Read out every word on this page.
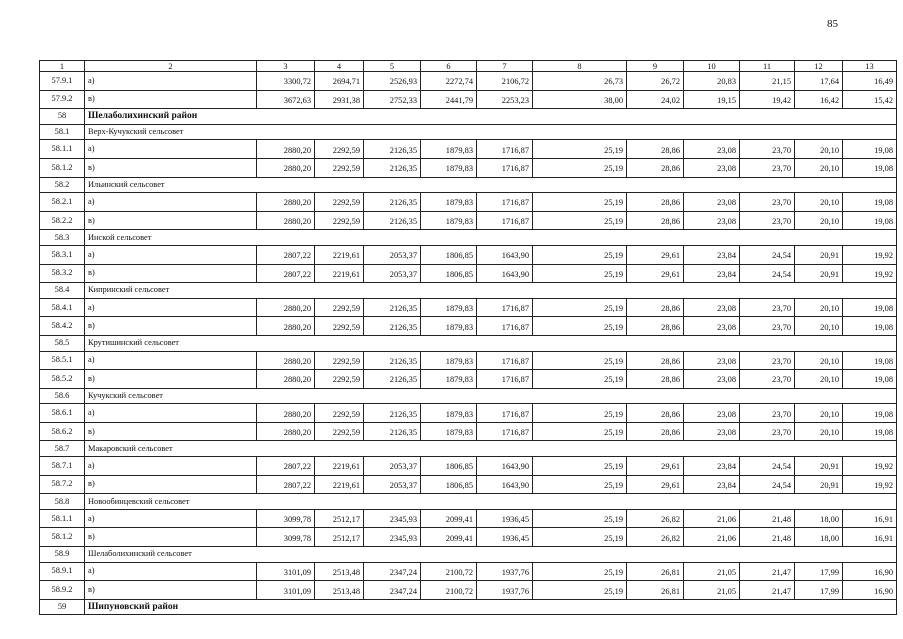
85
1	2	3	4	5	6	7	8	9	10	11	12	13
57.9.1	а)	3300,72	2694,71	2526,93	2272,74	2106,72	26,73	26,72	20,83	21,15	17,64	16,49
57.9.2	в)	3672,63	2931,38	2752,33	2441,79	2253,23	38,00	24,02	19,15	19,42	16,42	15,42
58	Шелаболихинский район											
58.1	Верх-Кучукский сельсовет											
58.1.1	а)	2880,20	2292,59	2126,35	1879,83	1716,87	25,19	28,86	23,08	23,70	20,10	19,08
58.1.2	в)	2880,20	2292,59	2126,35	1879,83	1716,87	25,19	28,86	23,08	23,70	20,10	19,08
58.2	Ильинский сельсовет											
58.2.1	а)	2880,20	2292,59	2126,35	1879,83	1716,87	25,19	28,86	23,08	23,70	20,10	19,08
58.2.2	в)	2880,20	2292,59	2126,35	1879,83	1716,87	25,19	28,86	23,08	23,70	20,10	19,08
58.3	Инской сельсовет											
58.3.1	а)	2807,22	2219,61	2053,37	1806,85	1643,90	25,19	29,61	23,84	24,54	20,91	19,92
58.3.2	в)	2807,22	2219,61	2053,37	1806,85	1643,90	25,19	29,61	23,84	24,54	20,91	19,92
58.4	Кипринский сельсовет											
58.4.1	а)	2880,20	2292,59	2126,35	1879,83	1716,87	25,19	28,86	23,08	23,70	20,10	19,08
58.4.2	в)	2880,20	2292,59	2126,35	1879,83	1716,87	25,19	28,86	23,08	23,70	20,10	19,08
58.5	Крутишинский сельсовет											
58.5.1	а)	2880,20	2292,59	2126,35	1879,83	1716,87	25,19	28,86	23,08	23,70	20,10	19,08
58.5.2	в)	2880,20	2292,59	2126,35	1879,83	1716,87	25,19	28,86	23,08	23,70	20,10	19,08
58.6	Кучукский сельсовет											
58.6.1	а)	2880,20	2292,59	2126,35	1879,83	1716,87	25,19	28,86	23,08	23,70	20,10	19,08
58.6.2	в)	2880,20	2292,59	2126,35	1879,83	1716,87	25,19	28,86	23,08	23,70	20,10	19,08
58.7	Макаровский сельсовет											
58.7.1	а)	2807,22	2219,61	2053,37	1806,85	1643,90	25,19	29,61	23,84	24,54	20,91	19,92
58.7.2	в)	2807,22	2219,61	2053,37	1806,85	1643,90	25,19	29,61	23,84	24,54	20,91	19,92
58.8	Новообинцевский сельсовет											
58.1.1	а)	3099,78	2512,17	2345,93	2099,41	1936,45	25,19	26,82	21,06	21,48	18,00	16,91
58.1.2	в)	3099,78	2512,17	2345,93	2099,41	1936,45	25,19	26,82	21,06	21,48	18,00	16,91
58.9	Шелаболихинский сельсовет											
58.9.1	а)	3101,09	2513,48	2347,24	2100,72	1937,76	25,19	26,81	21,05	21,47	17,99	16,90
58.9.2	в)	3101,09	2513,48	2347,24	2100,72	1937,76	25,19	26,81	21,05	21,47	17,99	16,90
59	Шипуновский район											
